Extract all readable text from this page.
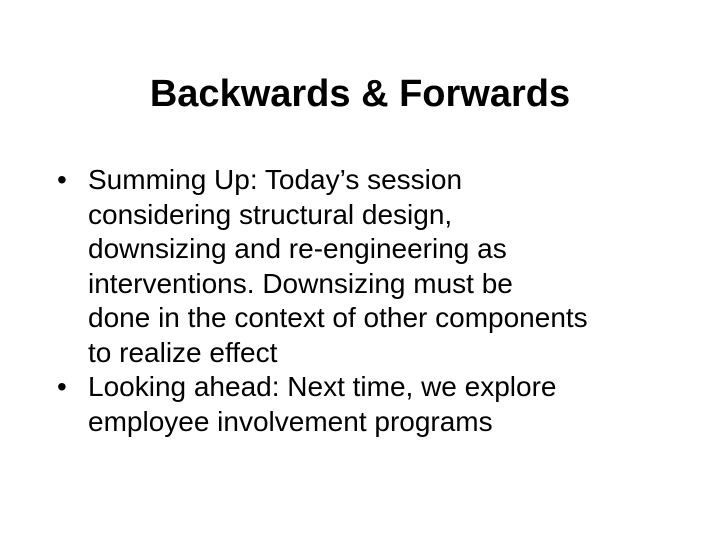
Backwards & Forwards
• Summing Up: Today’s session
considering structural design,
downsizing and re-engineering as
interventions. Downsizing must be
done in the context of other components
to realize effect
• Looking ahead: Next time, we explore
employee involvement programs
